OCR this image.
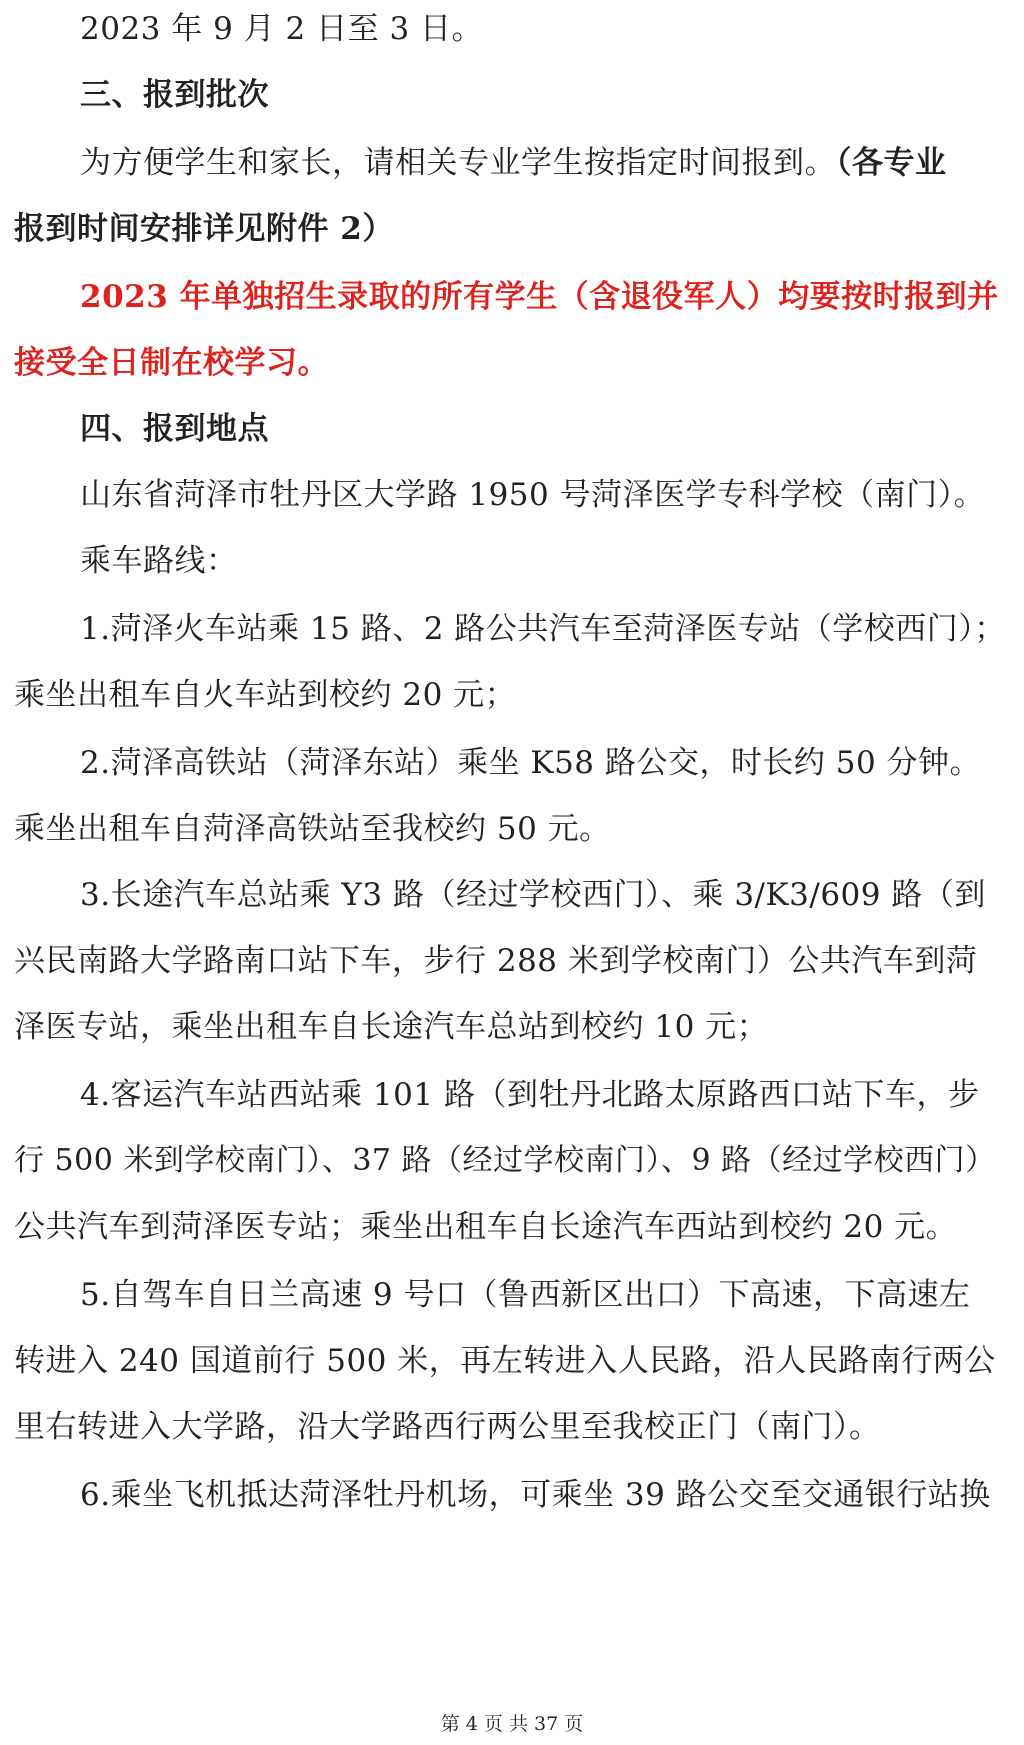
2023 年 9 月 2 日至 3 日。
三、报到批次
为方便学生和家长，请相关专业学生按指定时间报到。（各专业
报到时间安排详见附件 2）
2023 年单独招生录取的所有学生（含退役军人）均要按时报到并
接受全日制在校学习。
四、报到地点
山东省菏泽市牡丹区大学路 1950 号菏泽医学专科学校（南门）。
乘车路线：
1.菏泽火车站乘 15 路、2 路公共汽车至菏泽医专站（学校西门）；
乘坐出租车自火车站到校约 20 元；
2.菏泽高铁站（菏泽东站）乘坐 K58 路公交，时长约 50 分钟。
乘坐出租车自菏泽高铁站至我校约 50 元。
3.长途汽车总站乘 Y3 路（经过学校西门）、乘 3/K3/609 路（到
兴民南路大学路南口站下车，步行 288 米到学校南门）公共汽车到菏
泽医专站，乘坐出租车自长途汽车总站到校约 10 元；
4.客运汽车站西站乘 101 路（到牡丹北路太原路西口站下车，步
行 500 米到学校南门）、37 路（经过学校南门）、9 路（经过学校西门）
公共汽车到菏泽医专站；乘坐出租车自长途汽车西站到校约 20 元。
5.自驾车自日兰高速 9 号口（鲁西新区出口）下高速，下高速左
转进入 240 国道前行 500 米，再左转进入人民路，沿人民路南行两公
里右转进入大学路，沿大学路西行两公里至我校正门（南门）。
6.乘坐飞机抵达菏泽牡丹机场，可乘坐 39 路公交至交通银行站换
第 4 页 共 37 页
